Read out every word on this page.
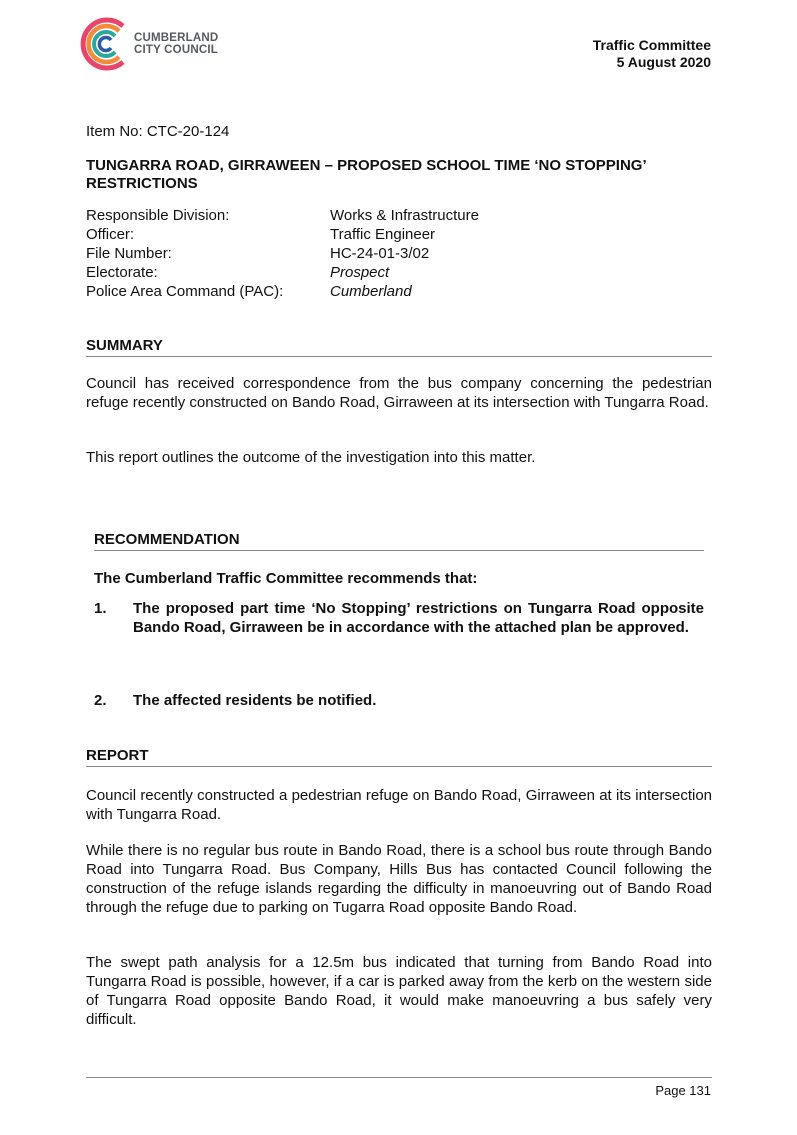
CUMBERLAND
CITY COUNCIL	Traffic Committee
5 August 2020
Item No: CTC-20-124
TUNGARRA ROAD, GIRRAWEEN – PROPOSED SCHOOL TIME ‘NO STOPPING’ RESTRICTIONS
Responsible Division:	Works & Infrastructure
Officer:	Traffic Engineer
File Number:	HC-24-01-3/02
Electorate:	Prospect
Police Area Command (PAC):	Cumberland
SUMMARY
Council has received correspondence from the bus company concerning the pedestrian refuge recently constructed on Bando Road, Girraween at its intersection with Tungarra Road.
This report outlines the outcome of the investigation into this matter.
RECOMMENDATION
The Cumberland Traffic Committee recommends that:
1.	The proposed part time ‘No Stopping’ restrictions on Tungarra Road opposite Bando Road, Girraween be in accordance with the attached plan be approved.
2.	The affected residents be notified.
REPORT
Council recently constructed a pedestrian refuge on Bando Road, Girraween at its intersection with Tungarra Road.
While there is no regular bus route in Bando Road, there is a school bus route through Bando Road into Tungarra Road. Bus Company, Hills Bus has contacted Council following the construction of the refuge islands regarding the difficulty in manoeuvring out of Bando Road through the refuge due to parking on Tugarra Road opposite Bando Road.
The swept path analysis for a 12.5m bus indicated that turning from Bando Road into Tungarra Road is possible, however, if a car is parked away from the kerb on the western side of Tungarra Road opposite Bando Road, it would make manoeuvring a bus safely very difficult.
Page 131
